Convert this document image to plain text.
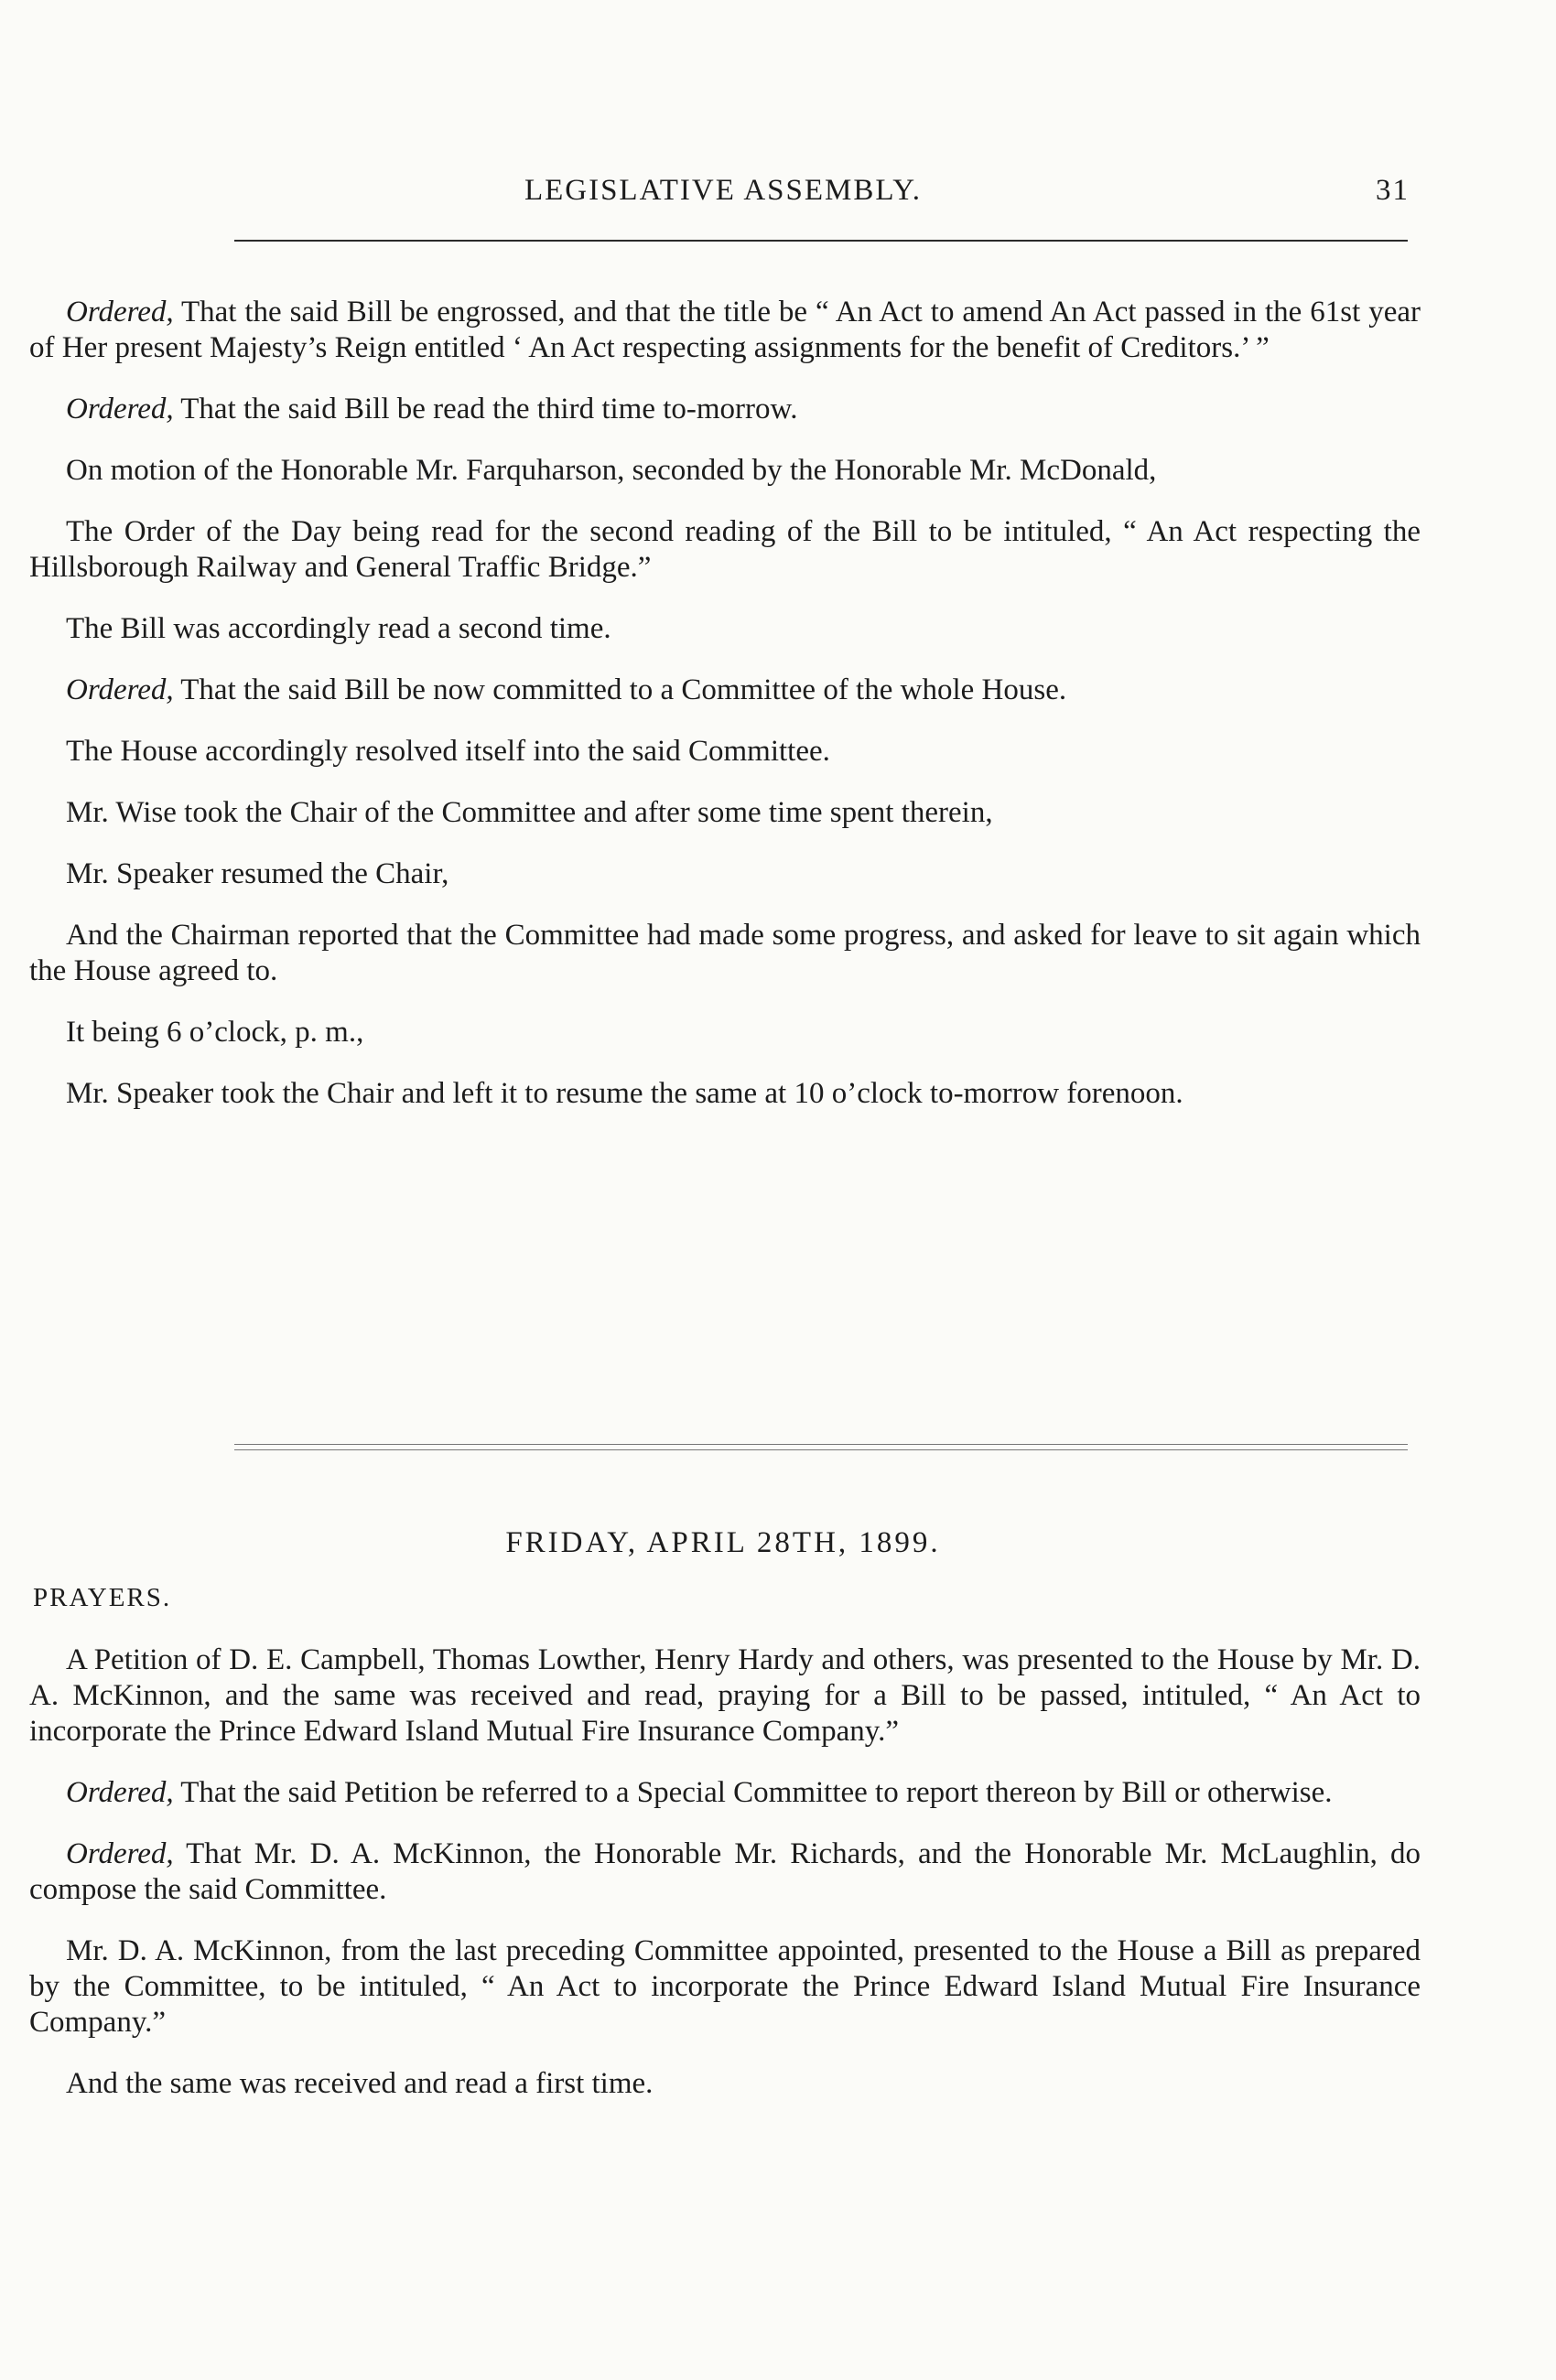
LEGISLATIVE ASSEMBLY.	31

Ordered, That the said Bill be engrossed, and that the title be “ An Act to amend An Act passed in the 61st year of Her present Majesty’s Reign entitled ‘ An Act respecting assignments for the benefit of Creditors.’ ”

Ordered, That the said Bill be read the third time to-morrow.

On motion of the Honorable Mr. Farquharson, seconded by the Honorable Mr. McDonald,

The Order of the Day being read for the second reading of the Bill to be intituled, “ An Act respecting the Hillsborough Railway and General Traffic Bridge.”

The Bill was accordingly read a second time.

Ordered, That the said Bill be now committed to a Committee of the whole House.

The House accordingly resolved itself into the said Committee.

Mr. Wise took the Chair of the Committee and after some time spent therein,

Mr. Speaker resumed the Chair,

And the Chairman reported that the Committee had made some progress, and asked for leave to sit again which the House agreed to.

It being 6 o’clock, p. m.,

Mr. Speaker took the Chair and left it to resume the same at 10 o’clock to-morrow forenoon.

FRIDAY, APRIL 28TH, 1899.
PRAYERS.

A Petition of D. E. Campbell, Thomas Lowther, Henry Hardy and others, was presented to the House by Mr. D. A. McKinnon, and the same was received and read, praying for a Bill to be passed, intituled, “ An Act to incorporate the Prince Edward Island Mutual Fire Insurance Company.”

Ordered, That the said Petition be referred to a Special Committee to report thereon by Bill or otherwise.

Ordered, That Mr. D. A. McKinnon, the Honorable Mr. Richards, and the Honorable Mr. McLaughlin, do compose the said Committee.

Mr. D. A. McKinnon, from the last preceding Committee appointed, presented to the House a Bill as prepared by the Committee, to be intituled, “ An Act to incorporate the Prince Edward Island Mutual Fire Insurance Company.”

And the same was received and read a first time.
